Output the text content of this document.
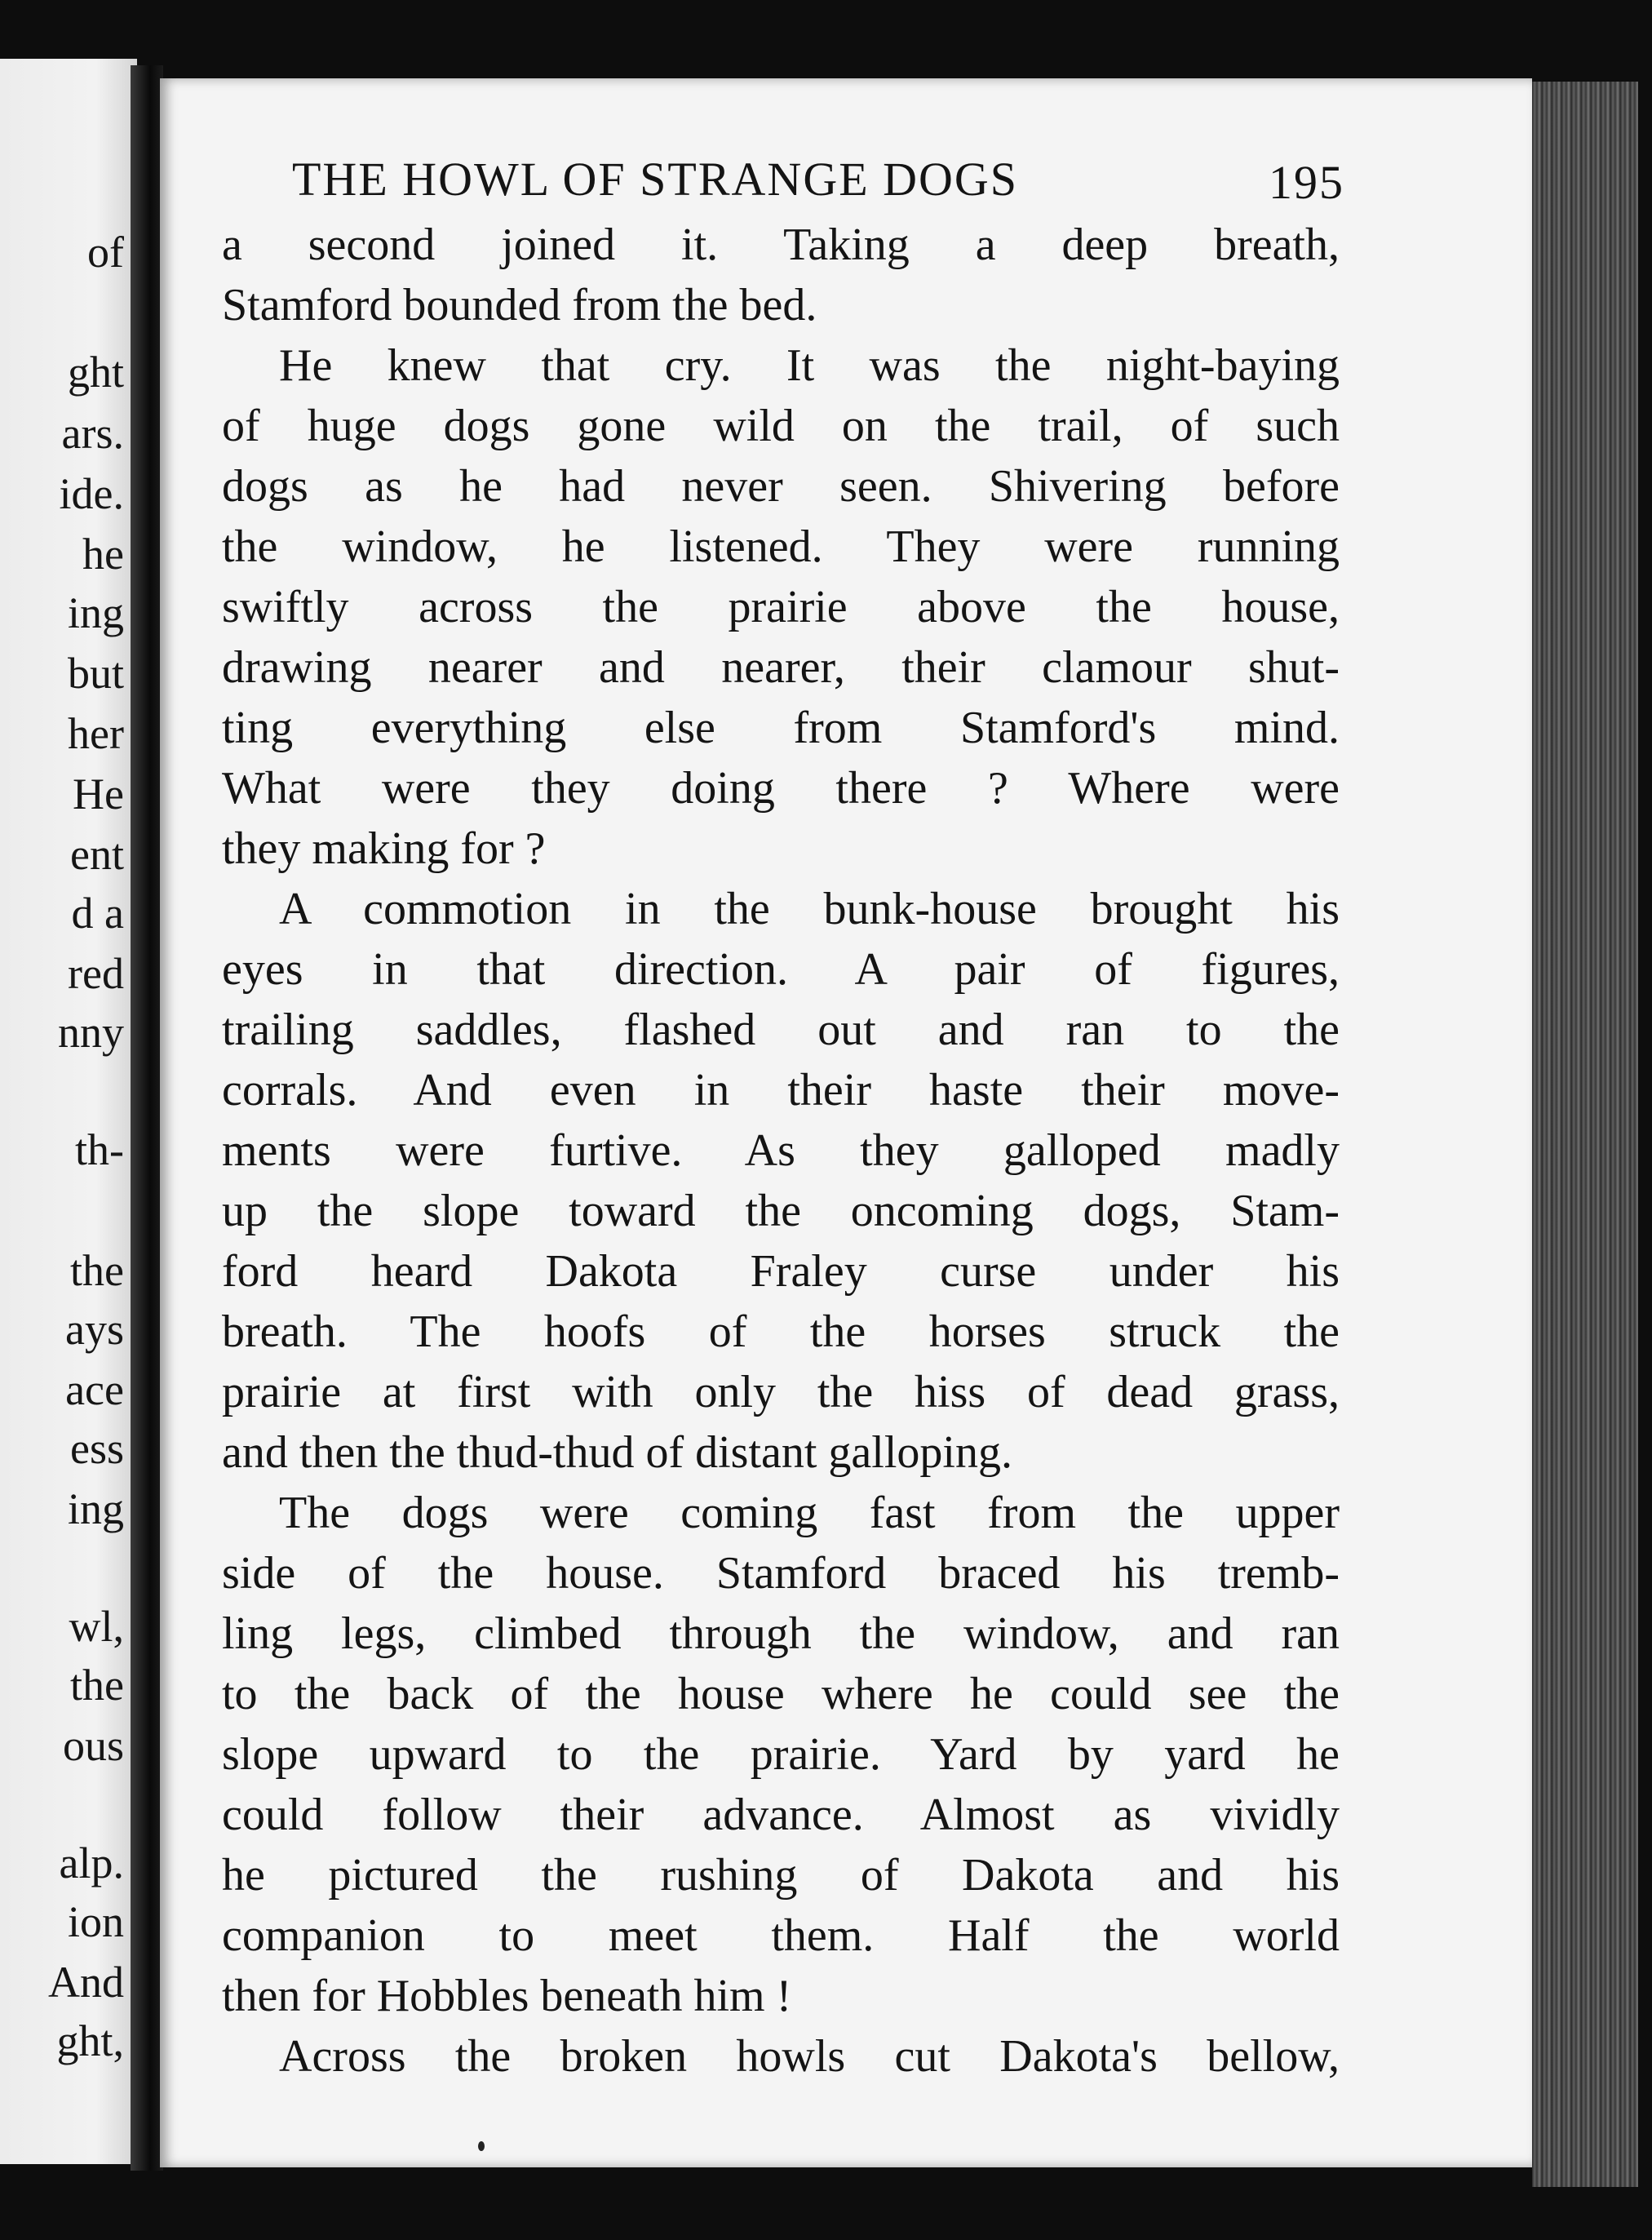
of
ght
ars.
ide.
he
ing
but
her
He
ent
d a
red
nny
th-
the
ays
ace
ess
ing
wl,
the
ous
alp.
ion
And
ght,
THE HOWL OF STRANGE DOGS	195
a second joined it. Taking a deep breath,
Stamford bounded from the bed.
He knew that cry. It was the night-baying
of huge dogs gone wild on the trail, of such
dogs as he had never seen. Shivering before
the window, he listened. They were running
swiftly across the prairie above the house,
drawing nearer and nearer, their clamour shut-
ting everything else from Stamford's mind.
What were they doing there ? Where were
they making for ?
A commotion in the bunk-house brought his
eyes in that direction. A pair of figures,
trailing saddles, flashed out and ran to the
corrals. And even in their haste their move-
ments were furtive. As they galloped madly
up the slope toward the oncoming dogs, Stam-
ford heard Dakota Fraley curse under his
breath. The hoofs of the horses struck the
prairie at first with only the hiss of dead grass,
and then the thud-thud of distant galloping.
The dogs were coming fast from the upper
side of the house. Stamford braced his tremb-
ling legs, climbed through the window, and ran
to the back of the house where he could see the
slope upward to the prairie. Yard by yard he
could follow their advance. Almost as vividly
he pictured the rushing of Dakota and his
companion to meet them. Half the world
then for Hobbles beneath him !
Across the broken howls cut Dakota's bellow,
